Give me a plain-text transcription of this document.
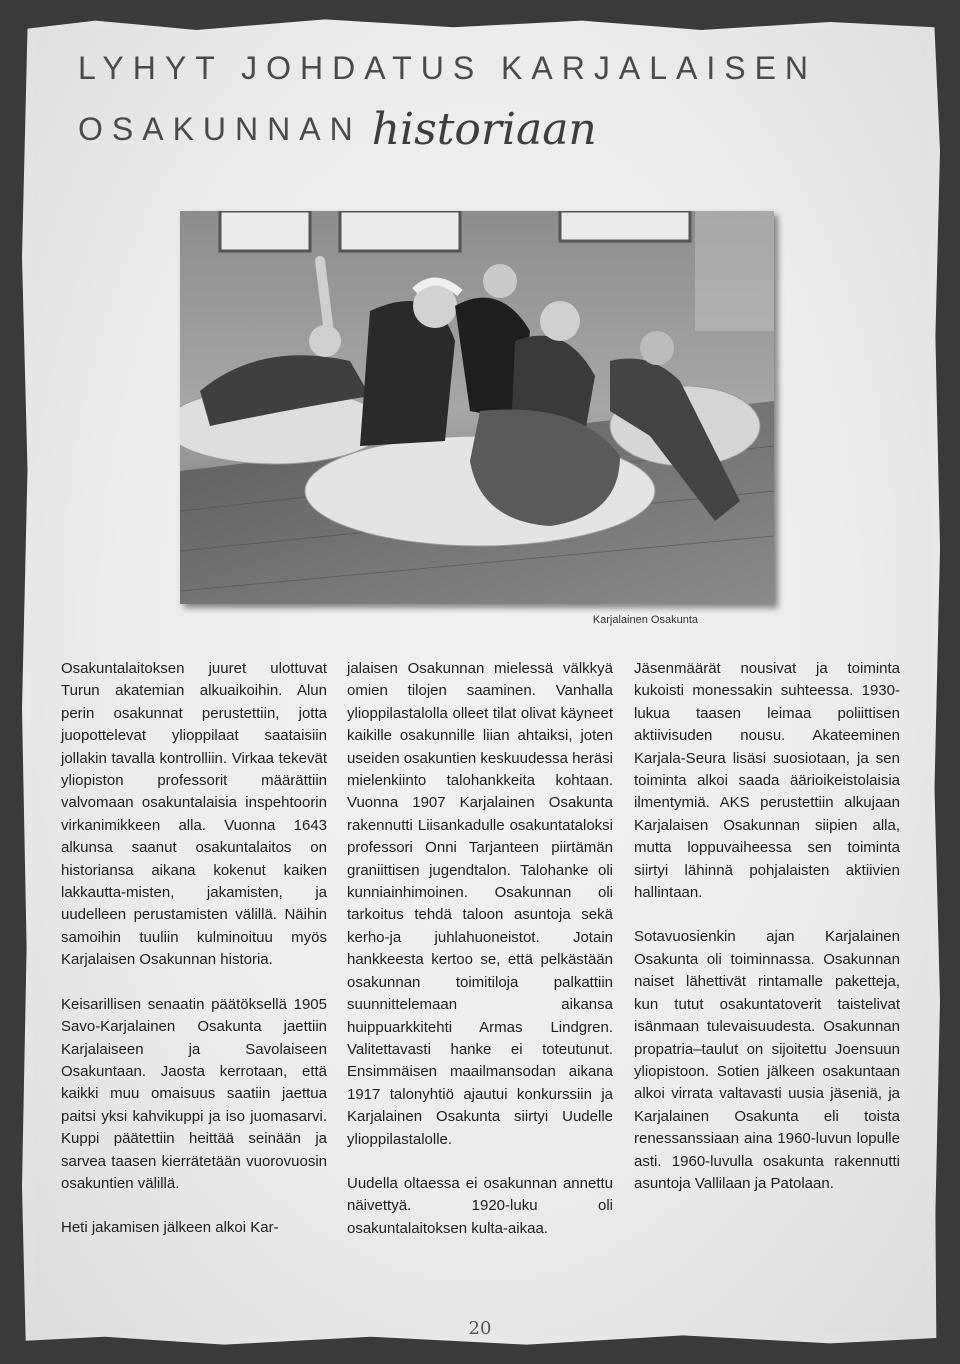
LYHYT JOHDATUS KARJALAISEN
OSAKUNNAN historiaan
Karjalainen Osakunta

Osakuntalaitoksen juuret ulottuvat Turun akatemian alkuaikoihin. Alun perin osakunnat perustettiin, jotta juopottelevat ylioppilaat saataisiin jollakin tavalla kontrolliin. Virkaa tekevät yliopiston professorit määrättiin valvomaan osakuntalaisia inspehtoorin virkanimikkeen alla. Vuonna 1643 alkunsa saanut osakuntalaitos on historiansa aikana kokenut kaiken lakkautta-misten, jakamisten, ja uudelleen perustamisten välillä. Näihin samoihin tuuliin kulminoituu myös Karjalaisen Osakunnan historia.

Keisarillisen senaatin päätöksellä 1905 Savo-Karjalainen Osakunta jaettiin Karjalaiseen ja Savolaiseen Osakuntaan. Jaosta kerrotaan, että kaikki muu omaisuus saatiin jaettua paitsi yksi kahvikuppi ja iso juomasarvi. Kuppi päätettiin heittää seinään ja sarvea taasen kierrätetään vuorovuosin osakuntien välillä.

Heti jakamisen jälkeen alkoi Kar-

jalaisen Osakunnan mielessä välkkyä omien tilojen saaminen. Vanhalla ylioppilastalolla olleet tilat olivat käyneet kaikille osakunnille liian ahtaiksi, joten useiden osakuntien keskuudessa heräsi mielenkiinto talohankkeita kohtaan. Vuonna 1907 Karjalainen Osakunta rakennutti Liisankadulle osakuntataloksi professori Onni Tarjanteen piirtämän graniittisen jugendtalon. Talohanke oli kunniainhimoinen. Osakunnan oli tarkoitus tehdä taloon asuntoja sekä kerho-ja juhlahuoneistot. Jotain hankkeesta kertoo se, että pelkästään osakunnan toimitiloja palkattiin suunnittelemaan aikansa huippuarkkitehti Armas Lindgren. Valitettavasti hanke ei toteutunut. Ensimmäisen maailmansodan aikana 1917 talonyhtiö ajautui konkurssiin ja Karjalainen Osakunta siirtyi Uudelle ylioppilastalolle.

Uudella oltaessa ei osakunnan annettu näivettyä. 1920-luku oli osakuntalaitoksen kulta-aikaa.

Jäsenmäärät nousivat ja toiminta kukoisti monessakin suhteessa. 1930-lukua taasen leimaa poliittisen aktiivisuden nousu. Akateeminen Karjala-Seura lisäsi suosiotaan, ja sen toiminta alkoi saada äärioikeistolaisia ilmentymiä. AKS perustettiin alkujaan Karjalaisen Osakunnan siipien alla, mutta loppuvaiheessa sen toiminta siirtyi lähinnä pohjalaisten aktiivien hallintaan.

Sotavuosienkin ajan Karjalainen Osakunta oli toiminnassa. Osakunnan naiset lähettivät rintamalle paketteja, kun tutut osakuntatoverit taistelivat isänmaan tulevaisuudesta. Osakunnan propatria–taulut on sijoitettu Joensuun yliopistoon. Sotien jälkeen osakuntaan alkoi virrata valtavasti uusia jäseniä, ja Karjalainen Osakunta eli toista renessanssiaan aina 1960-luvun lopulle asti. 1960-luvulla osakunta rakennutti asuntoja Vallilaan ja Patolaan.

20
